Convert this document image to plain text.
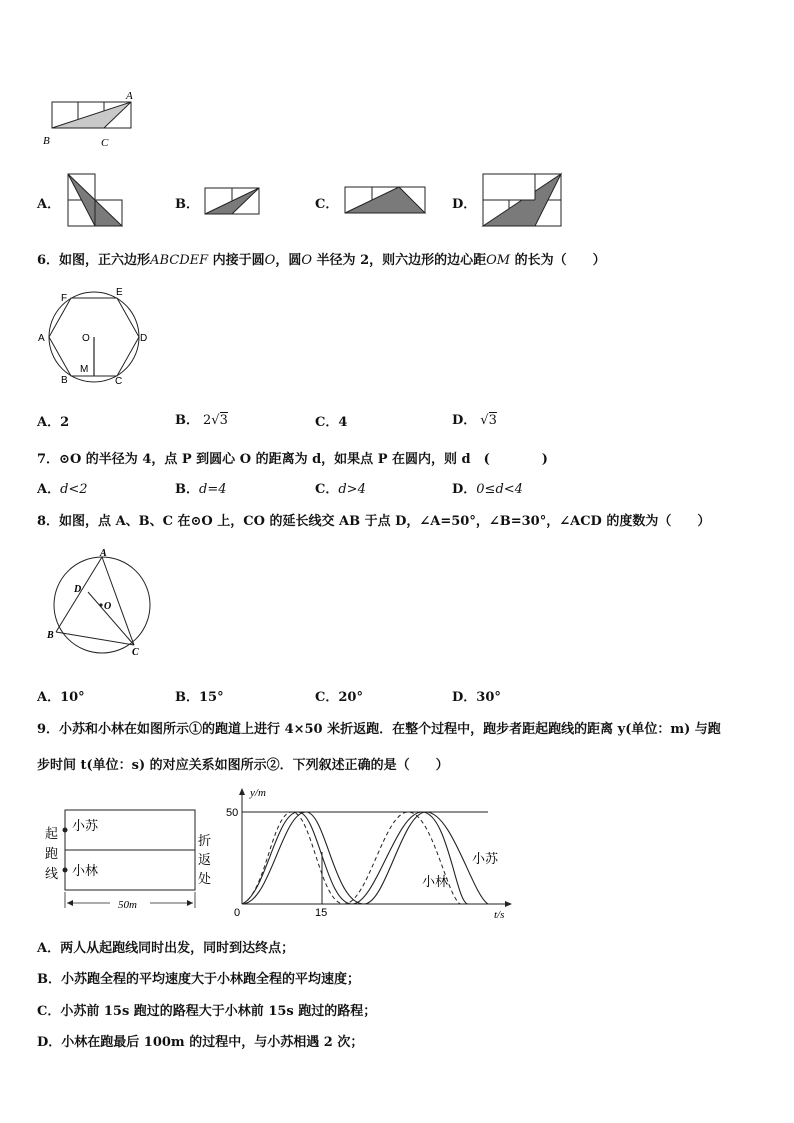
A
B	C
A．	B．	C．	D．
6．如图，正六边形ABCDEF 内接于圆O，圆O 半径为 2，则六边形的边心距OM 的长为（　　）
F
E
A	D
O
M
B	C
A．2	B． 2√3	C．4	D． √3
7．⊙O 的半径为 4，点 P 到圆心 O 的距离为 d，如果点 P 在圆内，则 d　(　　　　)
A．d<2	B．d=4	C．d>4	D．0≤d<4
8．如图，点 A、B、C 在⊙O 上，CO 的延长线交 AB 于点 D，∠A=50°，∠B=30°，∠ACD 的度数为（　　）
A
B
C
D
O
A．10°	B．15°	C．20°	D．30°
9．小苏和小林在如图所示①的跑道上进行 4×50 米折返跑．在整个过程中，跑步者距起跑线的距离 y(单位：m) 与跑
步时间 t(单位：s) 的对应关系如图所示②．下列叙述正确的是（　　）
小苏
小林
起
跑
线
折
返
处
50m
y/m
50
0	15	t/s
小苏
小林
A．两人从起跑线同时出发，同时到达终点；
B．小苏跑全程的平均速度大于小林跑全程的平均速度；
C．小苏前 15s 跑过的路程大于小林前 15s 跑过的路程；
D．小林在跑最后 100m 的过程中，与小苏相遇 2 次；
